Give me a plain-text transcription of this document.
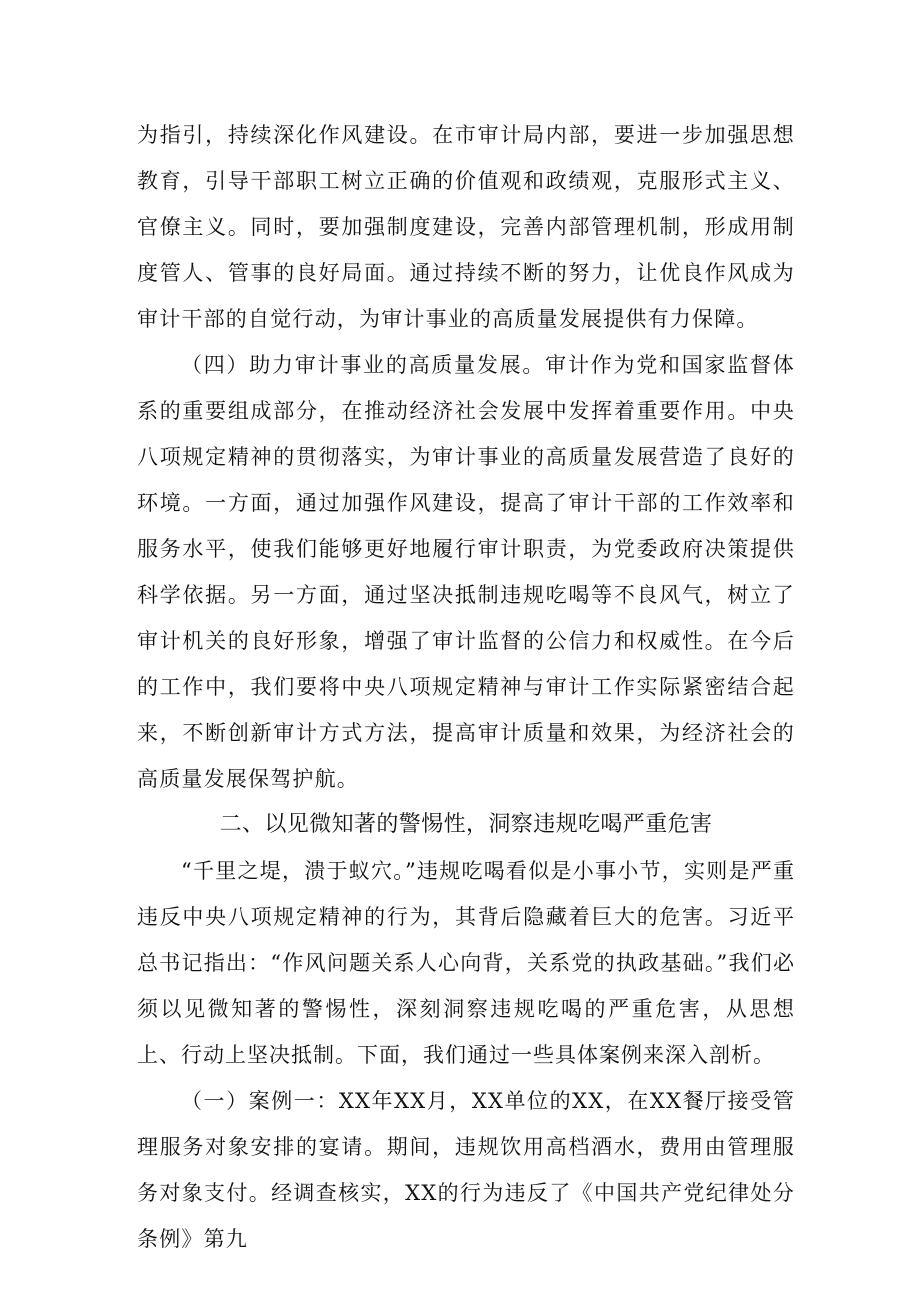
为指引，持续深化作风建设。在市审计局内部，要进一步加强思想教育，引导干部职工树立正确的价值观和政绩观，克服形式主义、官僚主义。同时，要加强制度建设，完善内部管理机制，形成用制度管人、管事的良好局面。通过持续不断的努力，让优良作风成为审计干部的自觉行动，为审计事业的高质量发展提供有力保障。

（四）助力审计事业的高质量发展。审计作为党和国家监督体系的重要组成部分，在推动经济社会发展中发挥着重要作用。中央八项规定精神的贯彻落实，为审计事业的高质量发展营造了良好的环境。一方面，通过加强作风建设，提高了审计干部的工作效率和服务水平，使我们能够更好地履行审计职责，为党委政府决策提供科学依据。另一方面，通过坚决抵制违规吃喝等不良风气，树立了审计机关的良好形象，增强了审计监督的公信力和权威性。在今后的工作中，我们要将中央八项规定精神与审计工作实际紧密结合起来，不断创新审计方式方法，提高审计质量和效果，为经济社会的高质量发展保驾护航。

二、以见微知著的警惕性，洞察违规吃喝严重危害

“千里之堤，溃于蚁穴。”违规吃喝看似是小事小节，实则是严重违反中央八项规定精神的行为，其背后隐藏着巨大的危害。习近平总书记指出：“作风问题关系人心向背，关系党的执政基础。”我们必须以见微知著的警惕性，深刻洞察违规吃喝的严重危害，从思想上、行动上坚决抵制。下面，我们通过一些具体案例来深入剖析。

（一）案例一：XX年XX月，XX单位的XX，在XX餐厅接受管理服务对象安排的宴请。期间，违规饮用高档酒水，费用由管理服务对象支付。经调查核实，XX的行为违反了《中国共产党纪律处分条例》第九
